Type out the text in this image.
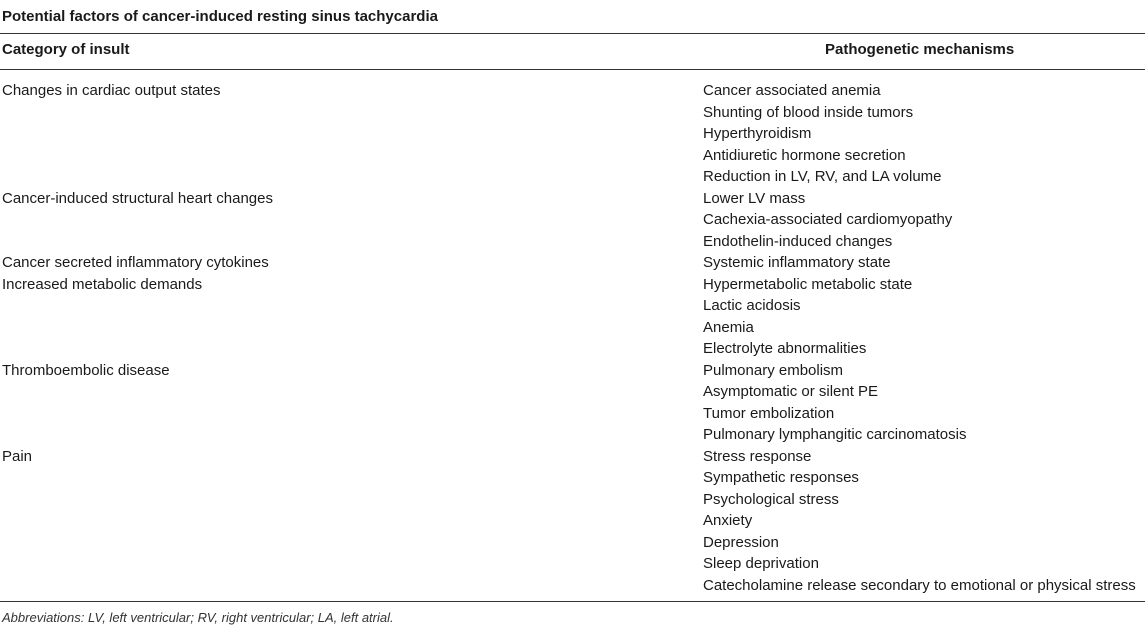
Potential factors of cancer-induced resting sinus tachycardia
Category of insult	Pathogenetic mechanisms
Changes in cardiac output states	Cancer associated anemia
Shunting of blood inside tumors
Hyperthyroidism
Antidiuretic hormone secretion
Reduction in LV, RV, and LA volume
Cancer-induced structural heart changes	Lower LV mass
Cachexia-associated cardiomyopathy
Endothelin-induced changes
Cancer secreted inflammatory cytokines	Systemic inflammatory state
Increased metabolic demands	Hypermetabolic metabolic state
Lactic acidosis
Anemia
Electrolyte abnormalities
Thromboembolic disease	Pulmonary embolism
Asymptomatic or silent PE
Tumor embolization
Pulmonary lymphangitic carcinomatosis
Pain	Stress response
Sympathetic responses
Psychological stress
Anxiety
Depression
Sleep deprivation
Catecholamine release secondary to emotional or physical stress
Abbreviations: LV, left ventricular; RV, right ventricular; LA, left atrial.
